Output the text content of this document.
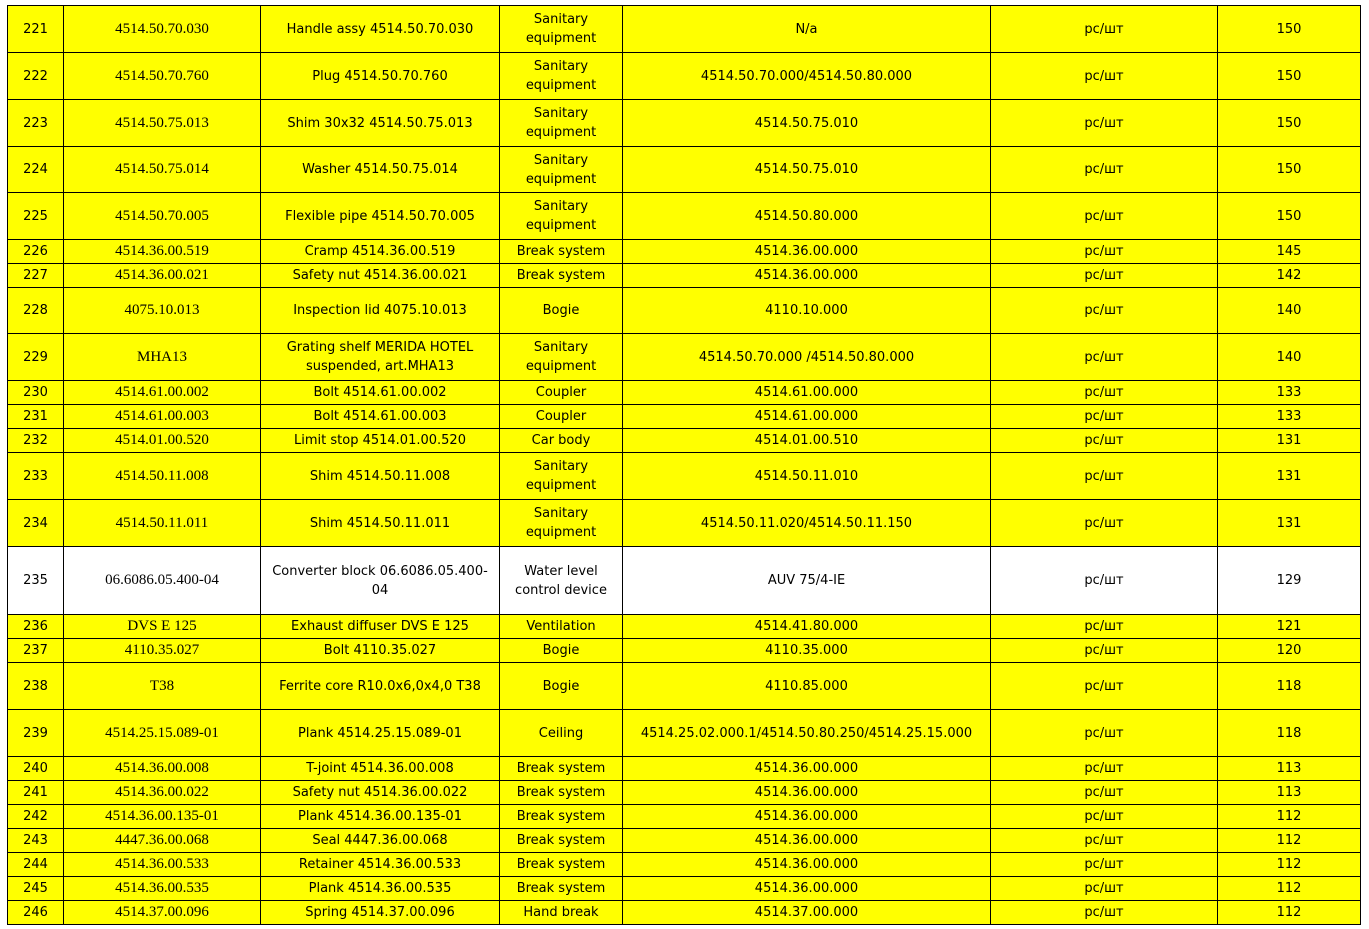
221	4514.50.70.030	Handle assy 4514.50.70.030	Sanitary equipment	N/a	pc/шт	150
222	4514.50.70.760	Plug 4514.50.70.760	Sanitary equipment	4514.50.70.000/4514.50.80.000	pc/шт	150
223	4514.50.75.013	Shim 30x32 4514.50.75.013	Sanitary equipment	4514.50.75.010	pc/шт	150
224	4514.50.75.014	Washer 4514.50.75.014	Sanitary equipment	4514.50.75.010	pc/шт	150
225	4514.50.70.005	Flexible pipe 4514.50.70.005	Sanitary equipment	4514.50.80.000	pc/шт	150
226	4514.36.00.519	Cramp 4514.36.00.519	Break system	4514.36.00.000	pc/шт	145
227	4514.36.00.021	Safety nut 4514.36.00.021	Break system	4514.36.00.000	pc/шт	142
228	4075.10.013	Inspection lid 4075.10.013	Bogie	4110.10.000	pc/шт	140
229	MHA13	Grating shelf MERIDA HOTEL suspended, art.MHA13	Sanitary equipment	4514.50.70.000 /4514.50.80.000	pc/шт	140
230	4514.61.00.002	Bolt 4514.61.00.002	Coupler	4514.61.00.000	pc/шт	133
231	4514.61.00.003	Bolt 4514.61.00.003	Coupler	4514.61.00.000	pc/шт	133
232	4514.01.00.520	Limit stop 4514.01.00.520	Car body	4514.01.00.510	pc/шт	131
233	4514.50.11.008	Shim 4514.50.11.008	Sanitary equipment	4514.50.11.010	pc/шт	131
234	4514.50.11.011	Shim 4514.50.11.011	Sanitary equipment	4514.50.11.020/4514.50.11.150	pc/шт	131
235	06.6086.05.400-04	Converter block 06.6086.05.400-04	Water level control device	AUV 75/4-IE	pc/шт	129
236	DVS E 125	Exhaust diffuser DVS E 125	Ventilation	4514.41.80.000	pc/шт	121
237	4110.35.027	Bolt 4110.35.027	Bogie	4110.35.000	pc/шт	120
238	T38	Ferrite core R10.0x6,0x4,0 T38	Bogie	4110.85.000	pc/шт	118
239	4514.25.15.089-01	Plank 4514.25.15.089-01	Ceiling	4514.25.02.000.1/4514.50.80.250/4514.25.15.000	pc/шт	118
240	4514.36.00.008	T-joint 4514.36.00.008	Break system	4514.36.00.000	pc/шт	113
241	4514.36.00.022	Safety nut 4514.36.00.022	Break system	4514.36.00.000	pc/шт	113
242	4514.36.00.135-01	Plank 4514.36.00.135-01	Break system	4514.36.00.000	pc/шт	112
243	4447.36.00.068	Seal 4447.36.00.068	Break system	4514.36.00.000	pc/шт	112
244	4514.36.00.533	Retainer 4514.36.00.533	Break system	4514.36.00.000	pc/шт	112
245	4514.36.00.535	Plank 4514.36.00.535	Break system	4514.36.00.000	pc/шт	112
246	4514.37.00.096	Spring 4514.37.00.096	Hand break	4514.37.00.000	pc/шт	112
